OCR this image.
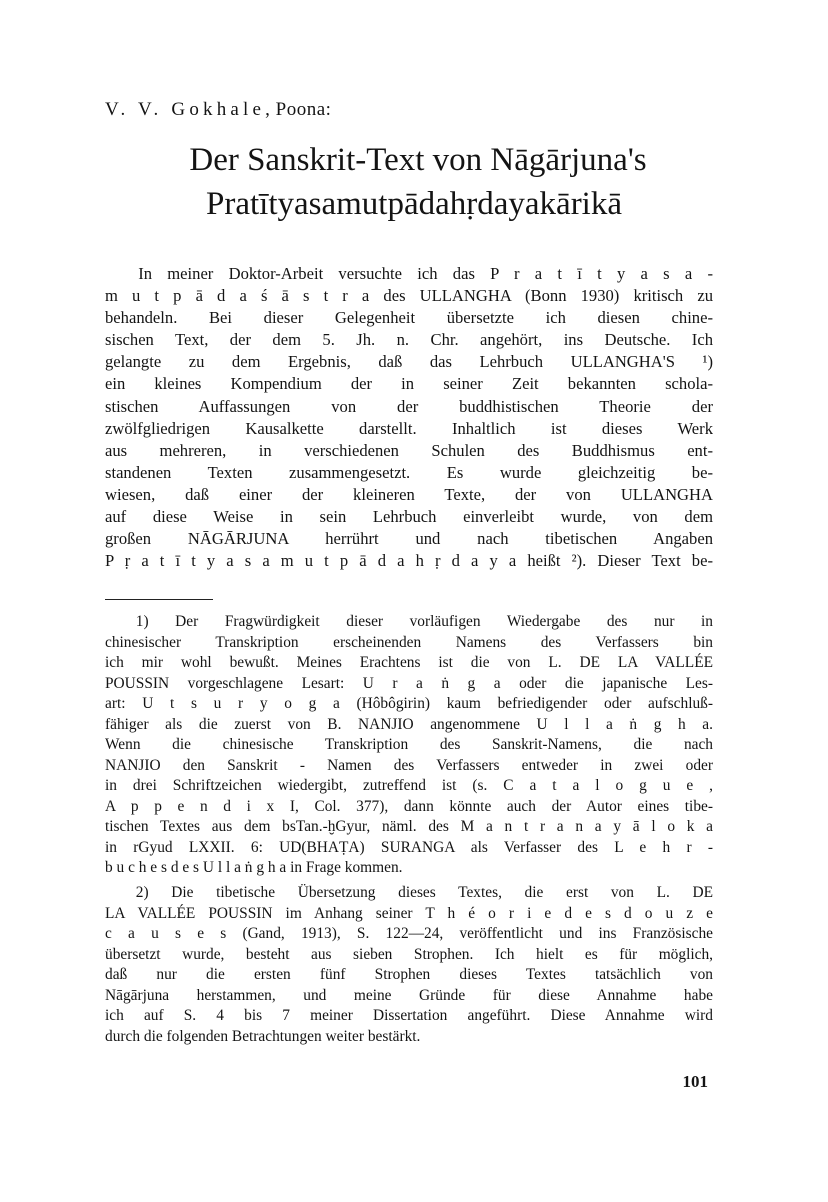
V. V. Gokhale, Poona:
Der Sanskrit-Text von Nāgārjuna's
Pratītyasamutpādahṛdayakārikā
  In meiner Doktor-Arbeit versuchte ich das P r a t ī t y a s a -
m u t p ā d a ś ā s t r a des ULLANGHA (Bonn 1930) kritisch zu
behandeln. Bei dieser Gelegenheit übersetzte ich diesen chine-
sischen Text, der dem 5. Jh. n. Chr. angehört, ins Deutsche. Ich
gelangte zu dem Ergebnis, daß das Lehrbuch ULLANGHA'S ¹)
ein kleines Kompendium der in seiner Zeit bekannten schola-
stischen Auffassungen von der buddhistischen Theorie der
zwölfgliedrigen Kausalkette darstellt. Inhaltlich ist dieses Werk
aus mehreren, in verschiedenen Schulen des Buddhismus ent-
standenen Texten zusammengesetzt. Es wurde gleichzeitig be-
wiesen, daß einer der kleineren Texte, der von ULLANGHA
auf diese Weise in sein Lehrbuch einverleibt wurde, von dem
großen NĀGĀRJUNA herrührt und nach tibetischen Angaben
P ṛ a t ī t y a s a m u t p ā d a h ṛ d a y a heißt ²). Dieser Text be-
  1) Der Fragwürdigkeit dieser vorläufigen Wiedergabe des nur in
chinesischer Transkription erscheinenden Namens des Verfassers bin
ich mir wohl bewußt. Meines Erachtens ist die von L. DE LA VALLÉE
POUSSIN vorgeschlagene Lesart: U r a ṅ g a oder die japanische Les-
art: U t s u r y o g a (Hôbôgirin) kaum befriedigender oder aufschluß-
fähiger als die zuerst von B. NANJIO angenommene U l l a ṅ g h a.
Wenn die chinesische Transkription des Sanskrit-Namens, die nach
NANJIO den Sanskrit - Namen des Verfassers entweder in zwei oder
in drei Schriftzeichen wiedergibt, zutreffend ist (s. C a t a l o g u e ,
A p p e n d i x I, Col. 377), dann könnte auch der Autor eines tibe-
tischen Textes aus dem bsTan.-ḫGyur, näml. des M a n t r a n a y ā l o k a
in rGyud LXXII. 6: UD(BHAṬA) SURANGA als Verfasser des L e h r -
b u c h e s d e s U l l a ṅ g h a in Frage kommen.
  2) Die tibetische Übersetzung dieses Textes, die erst von L. DE
LA VALLÉE POUSSIN im Anhang seiner T h é o r i e d e s d o u z e
c a u s e s (Gand, 1913), S. 122—24, veröffentlicht und ins Französische
übersetzt wurde, besteht aus sieben Strophen. Ich hielt es für möglich,
daß nur die ersten fünf Strophen dieses Textes tatsächlich von
Nāgārjuna herstammen, und meine Gründe für diese Annahme habe
ich auf S. 4 bis 7 meiner Dissertation angeführt. Diese Annahme wird
durch die folgenden Betrachtungen weiter bestärkt.
101
